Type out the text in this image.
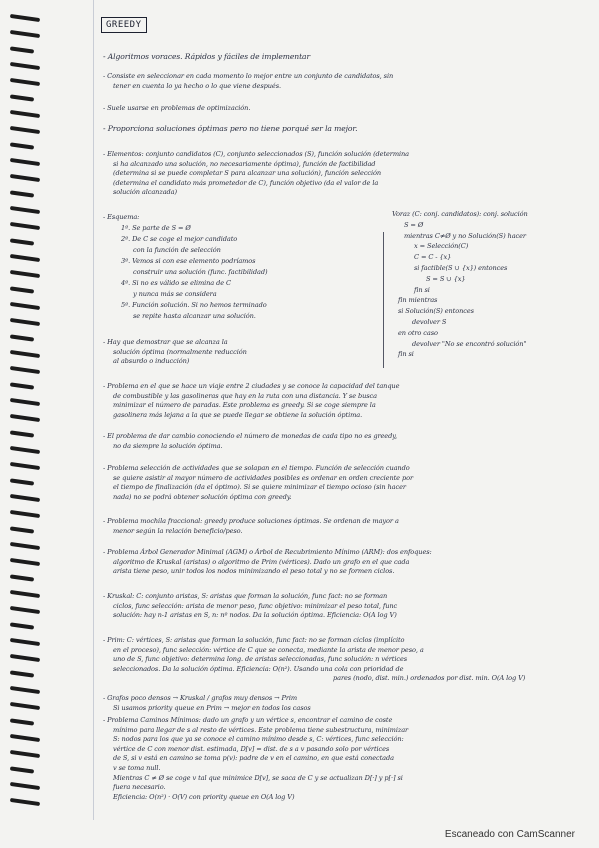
GREEDY
- Algoritmos voraces. Rápidos y fáciles de implementar
- Consiste en seleccionar en cada momento lo mejor entre un conjunto de candidatos, sin
tener en cuenta lo ya hecho o lo que viene después.
- Suele usarse en problemas de optimización.
- Proporciona soluciones óptimas pero no tiene porqué ser la mejor.
- Elementos: conjunto candidatos (C), conjunto seleccionados (S), función solución (determina
si ha alcanzado una solución, no necesariamente óptima), función de factibilidad
(determina si se puede completar S para alcanzar una solución), función selección
(determina el candidato más prometedor de C), función objetivo (da el valor de la
solución alcanzada)
- Esquema:
1º. Se parte de S = Ø
2º. De C se coge el mejor candidato
con la función de selección
3º. Vemos si con ese elemento podríamos
construir una solución (func. factibilidad)
4º. Si no es válido se elimina de C
y nunca más se considera
5º. Función solución. Si no hemos terminado
se repite hasta alcanzar una solución.
Voraz (C: conj. candidatos): conj. solución
S = Ø
mientras C≠Ø y no Solución(S) hacer
x = Selección(C)
C = C - {x}
si factible(S ∪ {x}) entonces
S = S ∪ {x}
fin si
fin mientras
si Solución(S) entonces
devolver S
en otro caso
devolver "No se encontró solución"
fin si
- Hay que demostrar que se alcanza la
solución óptima (normalmente reducción
al absurdo o inducción)
- Problema en el que se hace un viaje entre 2 ciudades y se conoce la capacidad del tanque
de combustible y las gasolineras que hay en la ruta con una distancia. Y se busca
minimizar el número de paradas. Este problema es greedy. Si se coge siempre la
gasolinera más lejana a la que se puede llegar se obtiene la solución óptima.
- El problema de dar cambio conociendo el número de monedas de cada tipo no es greedy,
no da siempre la solución óptima.
- Problema selección de actividades que se solapan en el tiempo. Función de selección cuando
se quiere asistir al mayor número de actividades posibles es ordenar en orden creciente por
el tiempo de finalización (da el óptimo). Si se quiere minimizar el tiempo ocioso (sin hacer
nada) no se podrá obtener solución óptima con greedy.
- Problema mochila fraccional: greedy produce soluciones óptimas. Se ordenan de mayor a
menor según la relación beneficio/peso.
- Problema Árbol Generador Minimal (AGM) o Árbol de Recubrimiento Mínimo (ARM): dos enfoques:
algoritmo de Kruskal (aristas) o algoritmo de Prim (vértices). Dado un grafo en el que cada
arista tiene peso, unir todos los nodos minimizando el peso total y no se formen ciclos.
- Kruskal: C: conjunto aristas, S: aristas que forman la solución, func fact: no se forman
ciclos, func selección: arista de menor peso, func objetivo: minimizar el peso total, func
solución: hay n-1 aristas en S, n: nº nodos. Da la solución óptima. Eficiencia: O(A log V)
- Prim: C: vértices, S: aristas que forman la solución, func fact: no se forman ciclos (implícito
en el proceso), func selección: vértice de C que se conecta, mediante la arista de menor peso, a
uno de S, func objetivo: determina long. de aristas seleccionadas, func solución: n vértices
seleccionados. Da la solución óptima. Eficiencia: O(n²). Usando una cola con prioridad de
pares (nodo, dist. min.) ordenados por dist. min. O(A log V)
- Grafos poco densos → Kruskal / grafos muy densos → Prim
Si usamos priority queue en Prim → mejor en todos los casos
- Problema Caminos Mínimos: dado un grafo y un vértice s, encontrar el camino de coste
mínimo para llegar de s al resto de vértices. Este problema tiene subestructura, minimizar
S: nodos para los que ya se conoce el camino mínimo desde s, C: vértices, func selección:
vértice de C con menor dist. estimada, D[v] = dist. de s a v pasando solo por vértices
de S, si v está en camino se toma p(v): padre de v en el camino, en que está conectada
v se toma null.
Mientras C ≠ Ø se coge v tal que minimice D[v], se saca de C y se actualizan D[·] y p[·] si
fuera necesario.
Eficiencia: O(n²) · O(V) con priority queue en O(A log V)
Escaneado con CamScanner
